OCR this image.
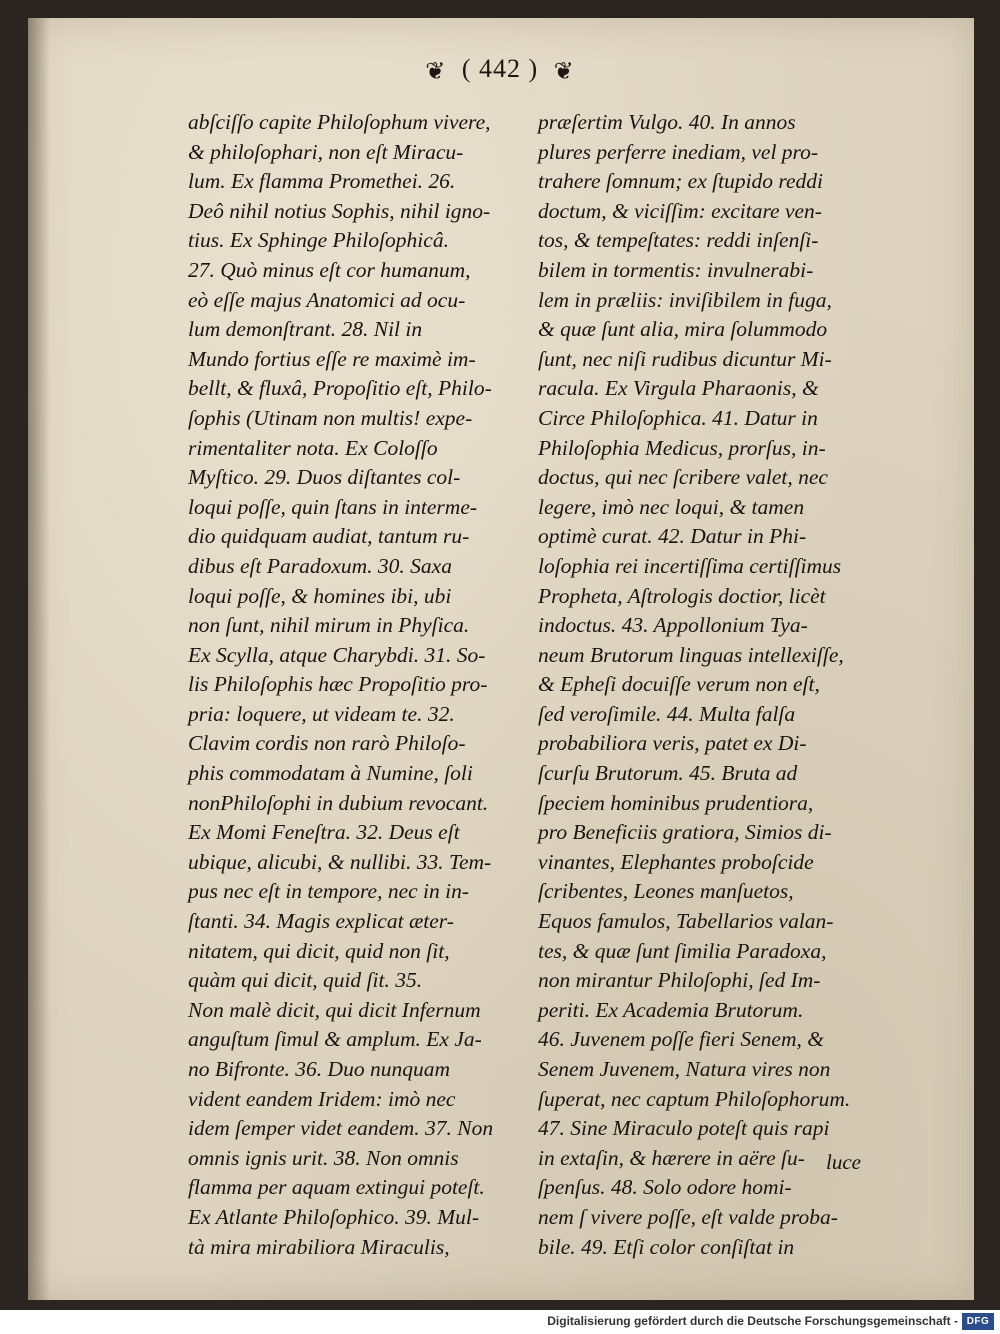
❦ ( 442 ) ❦
abſciſſo capite Philoſophum vivere,
& philoſophari, non eſt Miracu-
lum. Ex flamma Promethei. 26.
Deô nihil notius Sophis, nihil igno-
tius. Ex Sphinge Philoſophicâ.
27. Quò minus eſt cor humanum,
eò eſſe majus Anatomici ad ocu-
lum demonſtrant. 28. Nil in
Mundo fortius eſſe re maximè im-
bellt, & fluxâ, Propoſitio eſt, Philo-
ſophis (Utinam non multis! expe-
rimentaliter nota. Ex Coloſſo
Myſtico. 29. Duos diſtantes col-
loqui poſſe, quin ſtans in interme-
dio quidquam audiat, tantum ru-
dibus eſt Paradoxum. 30. Saxa
loqui poſſe, & homines ibi, ubi
non ſunt, nihil mirum in Phyſica.
Ex Scylla, atque Charybdi. 31. So-
lis Philoſophis hæc Propoſitio pro-
pria: loquere, ut videam te. 32.
Clavim cordis non rarò Philoſo-
phis commodatam à Numine, ſoli
nonPhiloſophi in dubium revocant.
Ex Momi Feneſtra. 32. Deus eſt
ubique, alicubi, & nullibi. 33. Tem-
pus nec eſt in tempore, nec in in-
ſtanti. 34. Magis explicat æter-
nitatem, qui dicit, quid non ſit,
quàm qui dicit, quid ſit. 35.
Non malè dicit, qui dicit Infernum
anguſtum ſimul & amplum. Ex Ja-
no Bifronte. 36. Duo nunquam
vident eandem Iridem: imò nec
idem ſemper videt eandem. 37. Non
omnis ignis urit. 38. Non omnis
flamma per aquam extingui poteſt.
Ex Atlante Philoſophico. 39. Mul-
tà mira mirabiliora Miraculis,
præſertim Vulgo. 40. In annos
plures perferre inediam, vel pro-
trahere ſomnum; ex ſtupido reddi
doctum, & viciſſim: excitare ven-
tos, & tempeſtates: reddi inſenſi-
bilem in tormentis: invulnerabi-
lem in præliis: inviſibilem in fuga,
& quæ ſunt alia, mira ſolummodo
ſunt, nec niſi rudibus dicuntur Mi-
racula. Ex Virgula Pharaonis, &
Circe Philoſophica. 41. Datur in
Philoſophia Medicus, prorſus, in-
doctus, qui nec ſcribere valet, nec
legere, imò nec loqui, & tamen
optimè curat. 42. Datur in Phi-
loſophia rei incertiſſima certiſſimus
Propheta, Aſtrologis doctior, licèt
indoctus. 43. Appollonium Tya-
neum Brutorum linguas intellexiſſe,
& Epheſi docuiſſe verum non eſt,
ſed veroſimile. 44. Multa falſa
probabiliora veris, patet ex Di-
ſcurſu Brutorum. 45. Bruta ad
ſpeciem hominibus prudentiora,
pro Beneficiis gratiora, Simios di-
vinantes, Elephantes proboſcide
ſcribentes, Leones manſuetos,
Equos famulos, Tabellarios valan-
tes, & quæ ſunt ſimilia Paradoxa,
non mirantur Philoſophi, ſed Im-
periti. Ex Academia Brutorum.
46. Juvenem poſſe fieri Senem, &
Senem Juvenem, Natura vires non
ſuperat, nec captum Philoſophorum.
47. Sine Miraculo poteſt quis rapi
in extaſin, & hærere in aëre ſu-
ſpenſus. 48. Solo odore homi-
nem ſ vivere poſſe, eſt valde proba-
bile. 49. Etſi color conſiſtat in
luce
Digitalisierung gefördert durch die Deutsche Forschungsgemeinschaft - DFG
